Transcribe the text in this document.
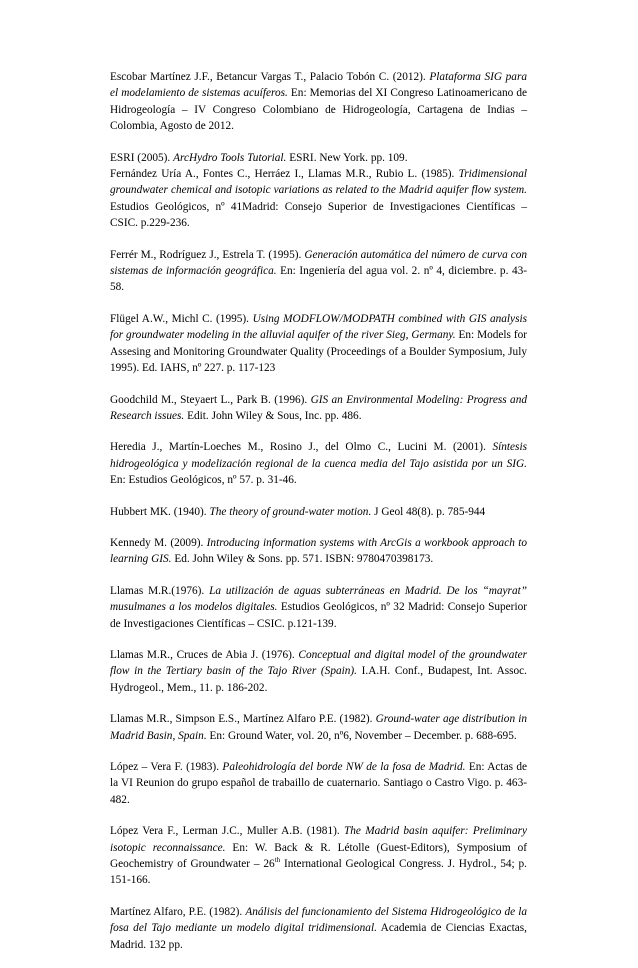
Escobar Martínez J.F., Betancur Vargas T., Palacio Tobón C. (2012). Plataforma SIG para el modelamiento de sistemas acuíferos. En: Memorias del XI Congreso Latinoamericano de Hidrogeología – IV Congreso Colombiano de Hidrogeología, Cartagena de Indias – Colombia, Agosto de 2012.

ESRI (2005). ArcHydro Tools Tutorial. ESRI. New York. pp. 109.

Fernández Uría A., Fontes C., Herráez I., Llamas M.R., Rubio L. (1985). Tridimensional groundwater chemical and isotopic variations as related to the Madrid aquifer flow system. Estudios Geológicos, nº 41Madrid: Consejo Superior de Investigaciones Científicas – CSIC. p.229-236.

Ferrér M., Rodríguez J., Estrela T. (1995). Generación automática del número de curva con sistemas de información geográfica. En: Ingeniería del agua vol. 2. nº 4, diciembre. p. 43-58.

Flügel A.W., Michl C. (1995). Using MODFLOW/MODPATH combined with GIS analysis for groundwater modeling in the alluvial aquifer of the river Sieg, Germany. En: Models for Assesing and Monitoring Groundwater Quality (Proceedings of a Boulder Symposium, July 1995). Ed. IAHS, nº 227. p. 117-123

Goodchild M., Steyaert L., Park B. (1996). GIS an Environmental Modeling: Progress and Research issues. Edit. John Wiley & Sous, Inc. pp. 486.

Heredia J., Martín-Loeches M., Rosino J., del Olmo C., Lucini M. (2001). Síntesis hidrogeológica y modelización regional de la cuenca media del Tajo asistida por un SIG. En: Estudios Geológicos, nº 57. p. 31-46.

Hubbert MK. (1940). The theory of ground-water motion. J Geol 48(8). p. 785-944

Kennedy M. (2009). Introducing information systems with ArcGis a workbook approach to learning GIS. Ed. John Wiley & Sons. pp. 571. ISBN: 9780470398173.

Llamas M.R.(1976). La utilización de aguas subterráneas en Madrid. De los “mayrat” musulmanes a los modelos digitales. Estudios Geológicos, nº 32 Madrid: Consejo Superior de Investigaciones Científicas – CSIC. p.121-139.

Llamas M.R., Cruces de Abia J. (1976). Conceptual and digital model of the groundwater flow in the Tertiary basin of the Tajo River (Spain). I.A.H. Conf., Budapest, Int. Assoc. Hydrogeol., Mem., 11. p. 186-202.

Llamas M.R., Simpson E.S., Martínez Alfaro P.E. (1982). Ground-water age distribution in Madrid Basin, Spain. En: Ground Water, vol. 20, nº6, November – December. p. 688-695.

López – Vera F. (1983). Paleohidrología del borde NW de la fosa de Madrid. En: Actas de la VI Reunion do grupo español de trabaillo de cuaternario. Santiago o Castro Vigo. p. 463-482.

López Vera F., Lerman J.C., Muller A.B. (1981). The Madrid basin aquifer: Preliminary isotopic reconnaissance. En: W. Back & R. Létolle (Guest-Editors), Symposium of Geochemistry of Groundwater – 26th International Geological Congress. J. Hydrol., 54; p. 151-166.

Martínez Alfaro, P.E. (1982). Análisis del funcionamiento del Sistema Hidrogeológico de la fosa del Tajo mediante un modelo digital tridimensional. Academia de Ciencias Exactas, Madrid. 132 pp.
